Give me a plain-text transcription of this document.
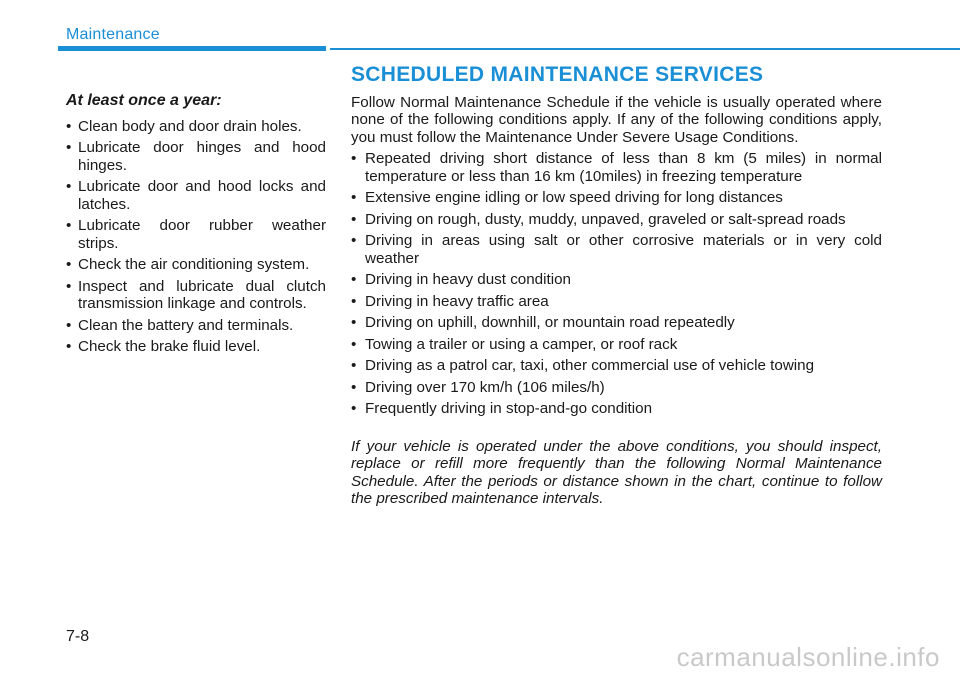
Maintenance
At least once a year:
• Clean body and door drain holes.
• Lubricate door hinges and hood hinges.
• Lubricate door and hood locks and latches.
• Lubricate door rubber weather strips.
• Check the air conditioning system.
• Inspect and lubricate dual clutch transmission linkage and controls.
• Clean the battery and terminals.
• Check the brake fluid level.
SCHEDULED MAINTENANCE SERVICES

Follow Normal Maintenance Schedule if the vehicle is usually operated where none of the following conditions apply. If any of the following conditions apply, you must follow the Maintenance Under Severe Usage Conditions.

• Repeated driving short distance of less than 8 km (5 miles) in normal temperature or less than 16 km (10miles) in freezing temperature
• Extensive engine idling or low speed driving for long distances
• Driving on rough, dusty, muddy, unpaved, graveled or salt-spread roads
• Driving in areas using salt or other corrosive materials or in very cold weather
• Driving in heavy dust condition
• Driving in heavy traffic area
• Driving on uphill, downhill, or mountain road repeatedly
• Towing a trailer or using a camper, or roof rack
• Driving as a patrol car, taxi, other commercial use of vehicle towing
• Driving over 170 km/h (106 miles/h)
• Frequently driving in stop-and-go condition

If your vehicle is operated under the above conditions, you should inspect, replace or refill more frequently than the following Normal Maintenance Schedule. After the periods or distance shown in the chart, continue to follow the prescribed maintenance intervals.

7-8
carmanualsonline.info
